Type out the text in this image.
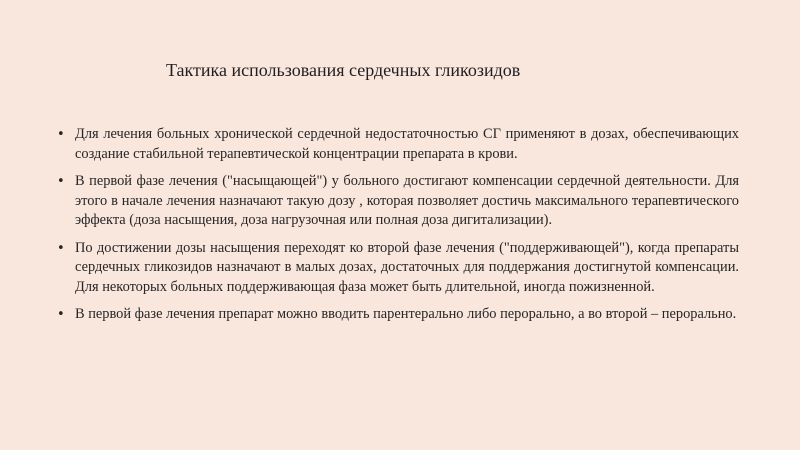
Тактика использования сердечных гликозидов
• Для лечения больных хронической сердечной недостаточностью СГ применяют в дозах, обеспечивающих создание стабильной терапевтической концентрации препарата в крови.
• В первой фазе лечения ("насыщающей") у больного достигают компенсации сердечной деятельности. Для этого в начале лечения назначают такую дозу , которая позволяет достичь максимального терапевтического эффекта (доза насыщения, доза нагрузочная или полная доза дигитализации).
• По достижении дозы насыщения переходят ко второй фазе лечения ("поддерживающей"), когда препараты сердечных гликозидов назначают в малых дозах, достаточных для поддержания достигнутой компенсации. Для некоторых больных поддерживающая фаза может быть длительной, иногда пожизненной.
• В первой фазе лечения препарат можно вводить парентерально либо перорально, а во второй – перорально.
